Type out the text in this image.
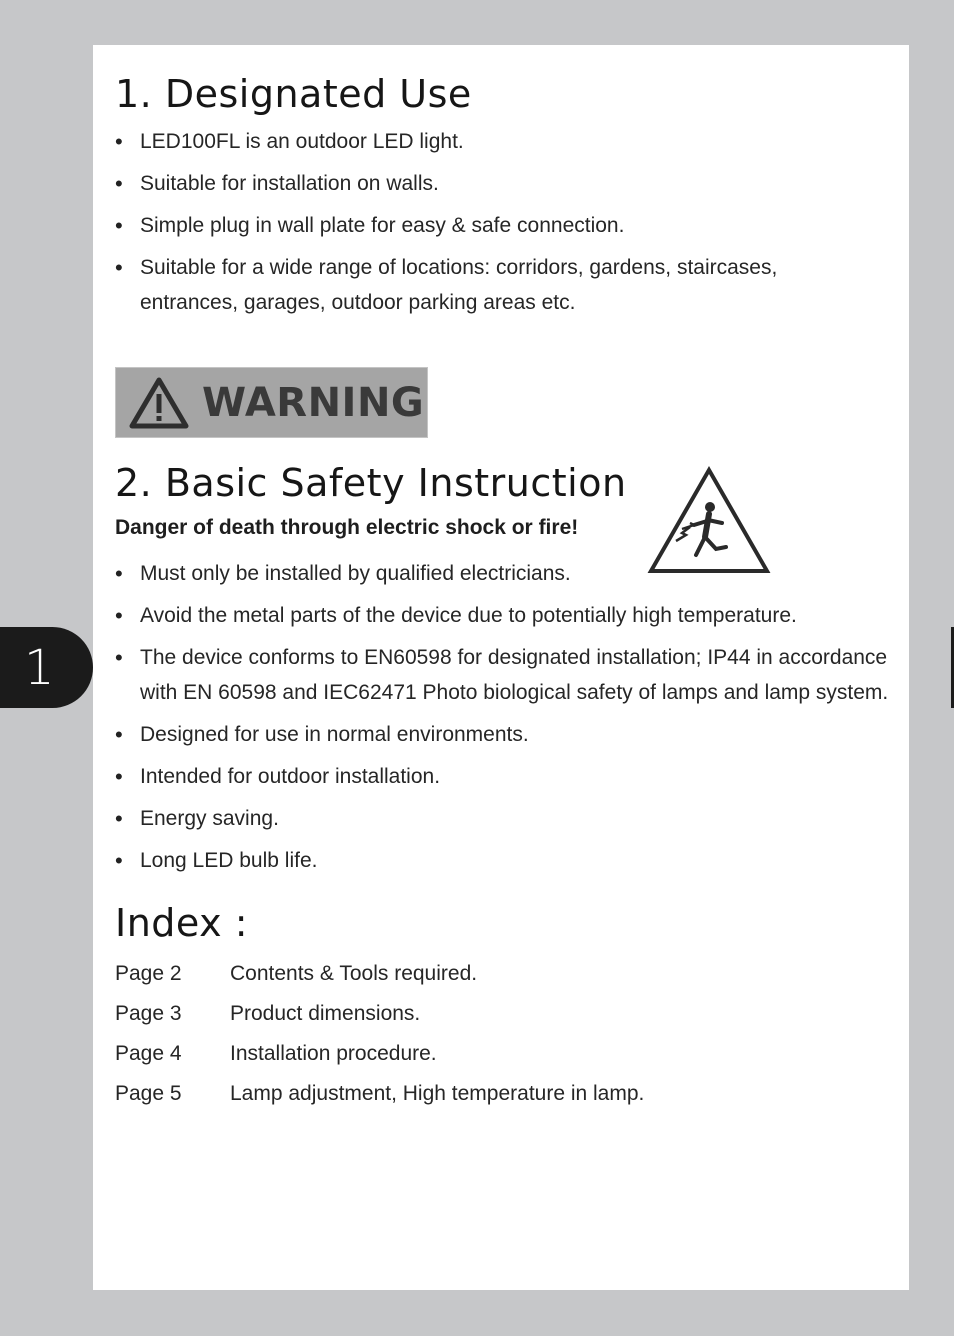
1. Designated Use
• LED100FL is an outdoor LED light.
• Suitable for installation on walls.
• Simple plug in wall plate for easy & safe connection.
• Suitable for a wide range of locations: corridors, gardens, staircases, entrances, garages, outdoor parking areas etc.
WARNING
2. Basic Safety Instruction

Danger of death through electric shock or fire!

• Must only be installed by qualified electricians.
• Avoid the metal parts of the device due to potentially high temperature.
• The device conforms to EN60598 for designated installation; IP44 in accordance with EN 60598 and IEC62471 Photo biological safety of lamps and lamp system.
• Designed for use in normal environments.
• Intended for outdoor installation.
• Energy saving.
• Long LED bulb life.
Index :
Page 2	Contents & Tools required.
Page 3	Product dimensions.
Page 4	Installation procedure.
Page 5	Lamp adjustment, High temperature in lamp.
1
